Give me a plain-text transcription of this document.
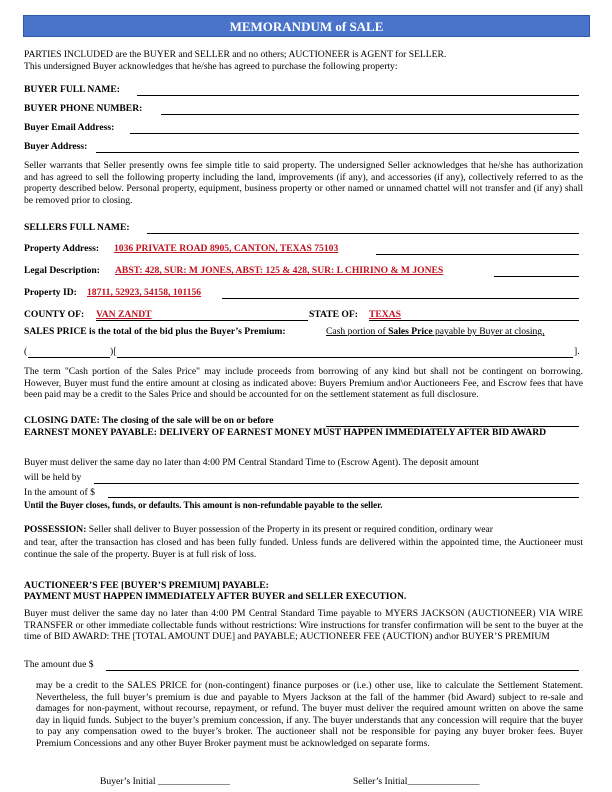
MEMORANDUM of SALE
PARTIES INCLUDED are the BUYER and SELLER and no others; AUCTIONEER is AGENT for SELLER.
This undersigned Buyer acknowledges that he/she has agreed to purchase the following property:
BUYER FULL NAME:
BUYER PHONE NUMBER:
Buyer Email Address:
Buyer Address:
Seller warrants that Seller presently owns fee simple title to said property. The undersigned Seller acknowledges that he/she has authorization and has agreed to sell the following property including the land, improvements (if any), and accessories (if any), collectively referred to as the property described below. Personal property, equipment, business property or other named or unnamed chattel will not transfer and (if any) shall be removed prior to closing.
SELLERS FULL NAME:
Property Address: 1036 PRIVATE ROAD 8905, CANTON, TEXAS 75103
Legal Description: ABST: 428, SUR: M JONES, ABST: 125 & 428, SUR: L CHIRINO & M JONES
Property ID: 18711, 52923, 54158, 101156
COUNTY OF: VAN ZANDT	STATE OF: TEXAS
SALES PRICE is the total of the bid plus the Buyer’s Premium:	Cash portion of Sales Price payable by Buyer at closing,
(	)[	].
The term "Cash portion of the Sales Price" may include proceeds from borrowing of any kind but shall not be contingent on borrowing. However, Buyer must fund the entire amount at closing as indicated above: Buyers Premium and\or Auctioneers Fee, and Escrow fees that have been paid may be a credit to the Sales Price and should be accounted for on the settlement statement as full disclosure.
CLOSING DATE: The closing of the sale will be on or before
EARNEST MONEY PAYABLE: DELIVERY OF EARNEST MONEY MUST HAPPEN IMMEDIATELY AFTER BID AWARD
Buyer must deliver the same day no later than 4:00 PM Central Standard Time to (Escrow Agent). The deposit amount
will be held by
In the amount of $
Until the Buyer closes, funds, or defaults. This amount is non-refundable payable to the seller.
POSSESSION: Seller shall deliver to Buyer possession of the Property in its present or required condition, ordinary wear
and tear, after the transaction has closed and has been fully funded. Unless funds are delivered within the appointed time, the Auctioneer must continue the sale of the property. Buyer is at full risk of loss.
AUCTIONEER’S FEE [BUYER’S PREMIUM] PAYABLE:
PAYMENT MUST HAPPEN IMMEDIATELY AFTER BUYER and SELLER EXECUTION.
Buyer must deliver the same day no later than 4:00 PM Central Standard Time payable to MYERS JACKSON (AUCTIONEER) VIA WIRE TRANSFER or other immediate collectable funds without restrictions: Wire instructions for transfer confirmation will be sent to the buyer at the time of BID AWARD: THE [TOTAL AMOUNT DUE] and PAYABLE; AUCTIONEER FEE (AUCTION) and\or BUYER’S PREMIUM
The amount due $
may be a credit to the SALES PRICE for (non-contingent) finance purposes or (i.e.) other use, like to calculate the Settlement Statement. Nevertheless, the full buyer’s premium is due and payable to Myers Jackson at the fall of the hammer (bid Award) subject to re-sale and damages for non-payment, without recourse, repayment, or refund. The buyer must deliver the required amount written on above the same day in liquid funds. Subject to the buyer’s premium concession, if any. The buyer understands that any concession will require that the buyer to pay any compensation owed to the buyer’s broker. The auctioneer shall not be responsible for paying any buyer broker fees. Buyer Premium Concessions and any other Buyer Broker payment must be acknowledged on separate forms.
Buyer’s Initial _______________	Seller’s Initial_______________
